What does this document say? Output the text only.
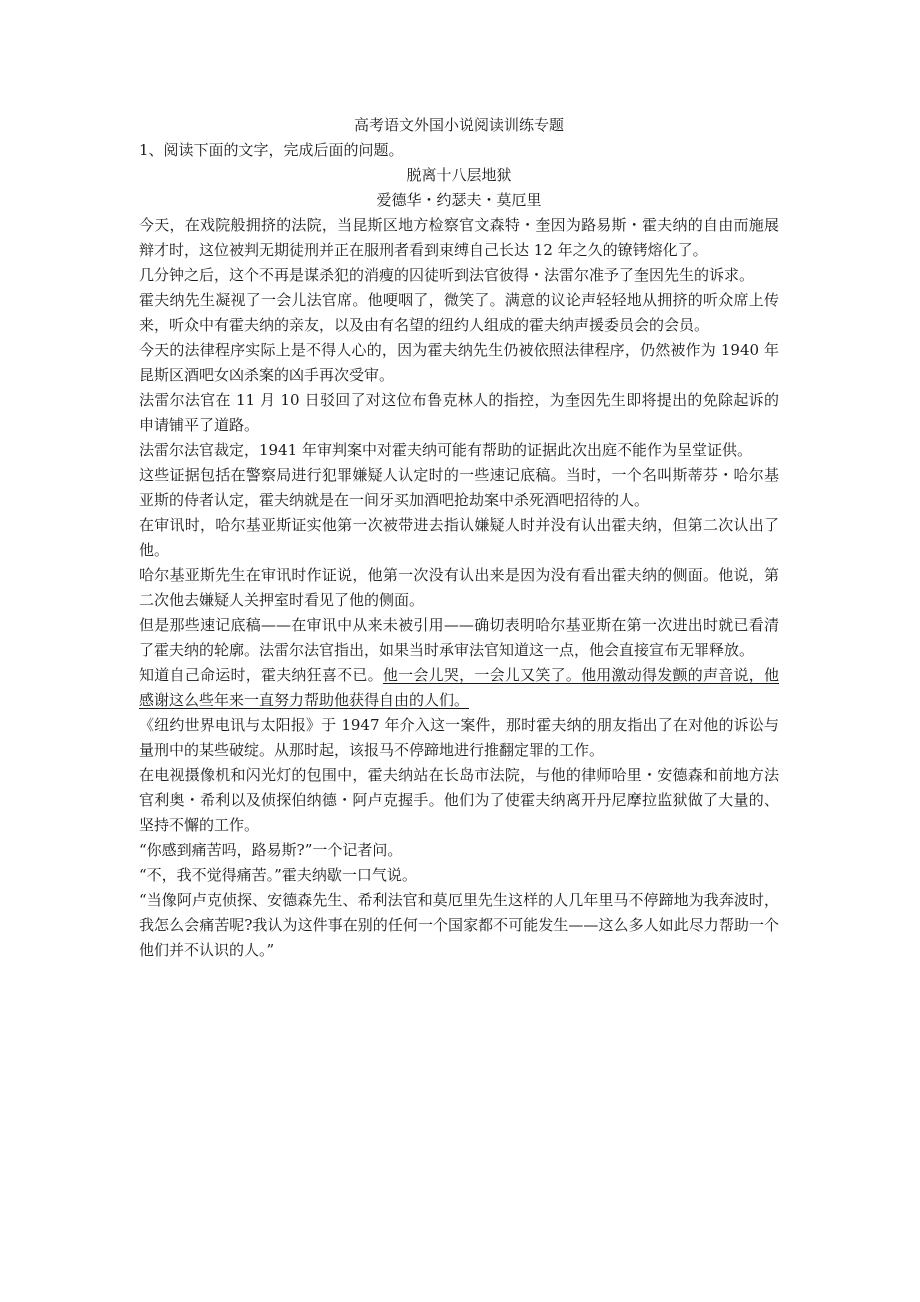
高考语文外国小说阅读训练专题

1、阅读下面的文字，完成后面的问题。

脱离十八层地狱

爱德华・约瑟夫・莫厄里

今天，在戏院般拥挤的法院，当昆斯区地方检察官文森特・奎因为路易斯・霍夫纳的自由而施展辩才时，这位被判无期徒刑并正在服刑者看到束缚自己长达 12 年之久的镣铐熔化了。

几分钟之后，这个不再是谋杀犯的消瘦的囚徒听到法官彼得・法雷尔准予了奎因先生的诉求。

霍夫纳先生凝视了一会儿法官席。他哽咽了，微笑了。满意的议论声轻轻地从拥挤的听众席上传来，听众中有霍夫纳的亲友，以及由有名望的纽约人组成的霍夫纳声援委员会的会员。

今天的法律程序实际上是不得人心的，因为霍夫纳先生仍被依照法律程序，仍然被作为 1940 年昆斯区酒吧女凶杀案的凶手再次受审。

法雷尔法官在 11 月 10 日驳回了对这位布鲁克林人的指控，为奎因先生即将提出的免除起诉的申请铺平了道路。

法雷尔法官裁定，1941 年审判案中对霍夫纳可能有帮助的证据此次出庭不能作为呈堂证供。

这些证据包括在警察局进行犯罪嫌疑人认定时的一些速记底稿。当时，一个名叫斯蒂芬・哈尔基亚斯的侍者认定，霍夫纳就是在一间牙买加酒吧抢劫案中杀死酒吧招待的人。

在审讯时，哈尔基亚斯证实他第一次被带进去指认嫌疑人时并没有认出霍夫纳，但第二次认出了他。

哈尔基亚斯先生在审讯时作证说，他第一次没有认出来是因为没有看出霍夫纳的侧面。他说，第二次他去嫌疑人关押室时看见了他的侧面。

但是那些速记底稿——在审讯中从来未被引用——确切表明哈尔基亚斯在第一次进出时就已看清了霍夫纳的轮廓。法雷尔法官指出，如果当时承审法官知道这一点，他会直接宣布无罪释放。

知道自己命运时，霍夫纳狂喜不已。他一会儿哭，一会儿又笑了。他用激动得发颤的声音说，他感谢这么些年来一直努力帮助他获得自由的人们。

《纽约世界电讯与太阳报》于 1947 年介入这一案件，那时霍夫纳的朋友指出了在对他的诉讼与量刑中的某些破绽。从那时起，该报马不停蹄地进行推翻定罪的工作。

在电视摄像机和闪光灯的包围中，霍夫纳站在长岛市法院，与他的律师哈里・安德森和前地方法官利奥・希利以及侦探伯纳德・阿卢克握手。他们为了使霍夫纳离开丹尼摩拉监狱做了大量的、坚持不懈的工作。

“你感到痛苦吗，路易斯?”一个记者问。

“不，我不觉得痛苦。”霍夫纳歇一口气说。

“当像阿卢克侦探、安德森先生、希利法官和莫厄里先生这样的人几年里马不停蹄地为我奔波时，我怎么会痛苦呢?我认为这件事在别的任何一个国家都不可能发生——这么多人如此尽力帮助一个他们并不认识的人。”
